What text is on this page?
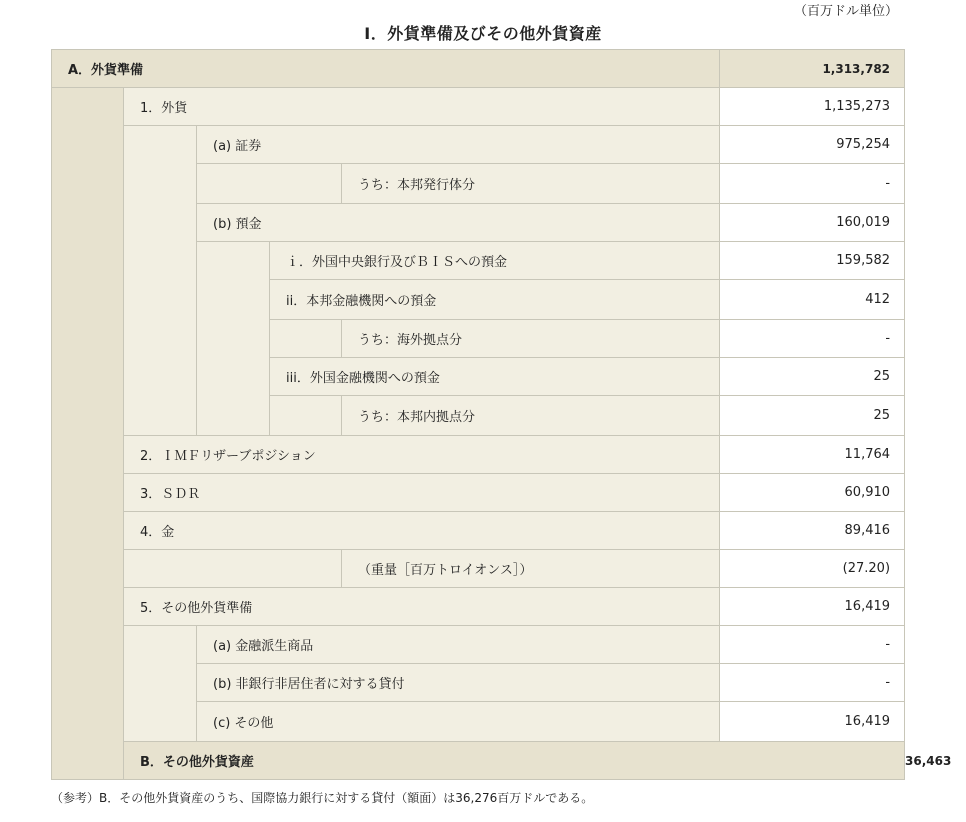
（百万ドル単位）
Ⅰ．外貨準備及びその他外貨資産
A．外貨準備					1,313,782	
	1．外貨				1,135,273	
		(a) 証券			975,254	
				うち：本邦発行体分	-	
		(b) 預金			160,019	
			ｉ．外国中央銀行及びＢＩＳへの預金		159,582	
			ii．本邦金融機関への預金		412	
				うち：海外拠点分	-	
			iii．外国金融機関への預金		25	
				うち：本邦内拠点分	25	
	2．ＩＭＦリザーブポジション				11,764	
	3．ＳＤＲ				60,910	
	4．金				89,416	
				（重量［百万トロイオンス］）	(27.20)	
	5．その他外貨準備				16,419	
		(a) 金融派生商品			-	
		(b) 非銀行非居住者に対する貸付			-	
		(c) その他			16,419	
	B．その他外貨資産					36,463
（参考）B．その他外貨資産のうち、国際協力銀行に対する貸付（額面）は36,276百万ドルである。
